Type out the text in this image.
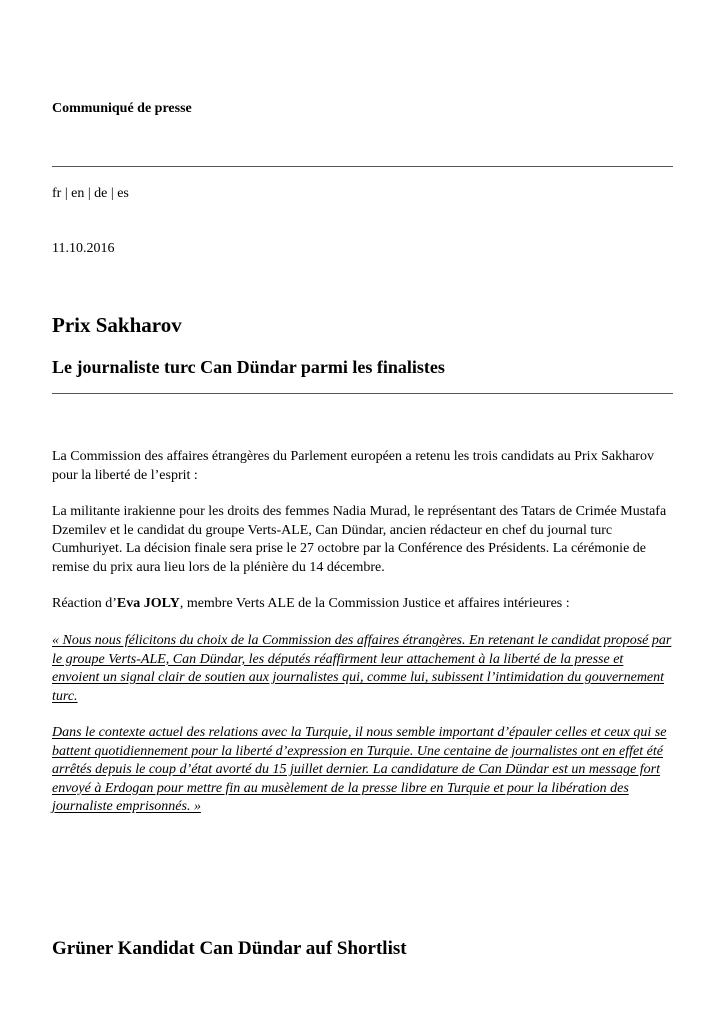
Communiqué de presse
fr | en | de | es
11.10.2016
Prix Sakharov
Le journaliste turc Can Dündar parmi les finalistes

La Commission des affaires étrangères du Parlement européen a retenu les trois candidats au Prix Sakharov pour la liberté de l’esprit :

La militante irakienne pour les droits des femmes Nadia Murad, le représentant des Tatars de Crimée Mustafa Dzemilev et le candidat du groupe Verts-ALE, Can Dündar, ancien rédacteur en chef du journal turc Cumhuriyet. La décision finale sera prise le 27 octobre par la Conférence des Présidents. La cérémonie de remise du prix aura lieu lors de la plénière du 14 décembre.

Réaction d’Eva JOLY, membre Verts ALE de la Commission Justice et affaires intérieures :

« Nous nous félicitons du choix de la Commission des affaires étrangères. En retenant le candidat proposé par le groupe Verts-ALE, Can Dündar, les députés réaffirment leur attachement à la liberté de la presse et envoient un signal clair de soutien aux journalistes qui, comme lui, subissent l’intimidation du gouvernement turc.

Dans le contexte actuel des relations avec la Turquie, il nous semble important d’épauler celles et ceux qui se battent quotidiennement pour la liberté d’expression en Turquie. Une centaine de journalistes ont en effet été arrêtés depuis le coup d’état avorté du 15 juillet dernier. La candidature de Can Dündar est un message fort envoyé à Erdogan pour mettre fin au musèlement de la presse libre en Turquie et pour la libération des journaliste emprisonnés. »

Grüner Kandidat Can Dündar auf Shortlist
